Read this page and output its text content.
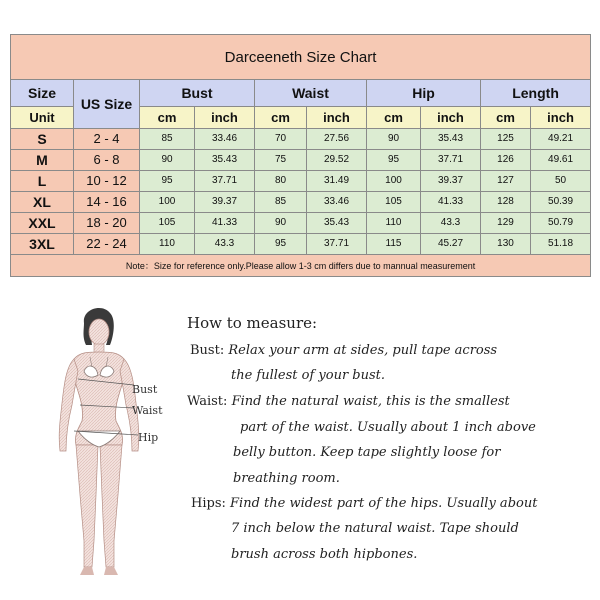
Darceeneth Size Chart									
Size	US Size	Bust		Waist		Hip		Length	
Unit		cm	inch	cm	inch	cm	inch	cm	inch
S	2 - 4	85	33.46	70	27.56	90	35.43	125	49.21
M	6 - 8	90	35.43	75	29.52	95	37.71	126	49.61
L	10 - 12	95	37.71	80	31.49	100	39.37	127	50
XL	14 - 16	100	39.37	85	33.46	105	41.33	128	50.39
XXL	18 - 20	105	41.33	90	35.43	110	43.3	129	50.79
3XL	22 - 24	110	43.3	95	37.71	115	45.27	130	51.18
Note：Size for reference only.Please allow 1-3 cm differs due to mannual measurement									
Bust
Waist
Hip
How to measure:
Bust: Relax your arm at sides, pull tape across
the fullest of your bust.
Waist: Find the natural waist, this is the smallest
part of the waist. Usually about 1 inch above
belly button. Keep tape slightly loose for
breathing room.
Hips: Find the widest part of the hips. Usually about
7 inch below the natural waist. Tape should
brush across both hipbones.
